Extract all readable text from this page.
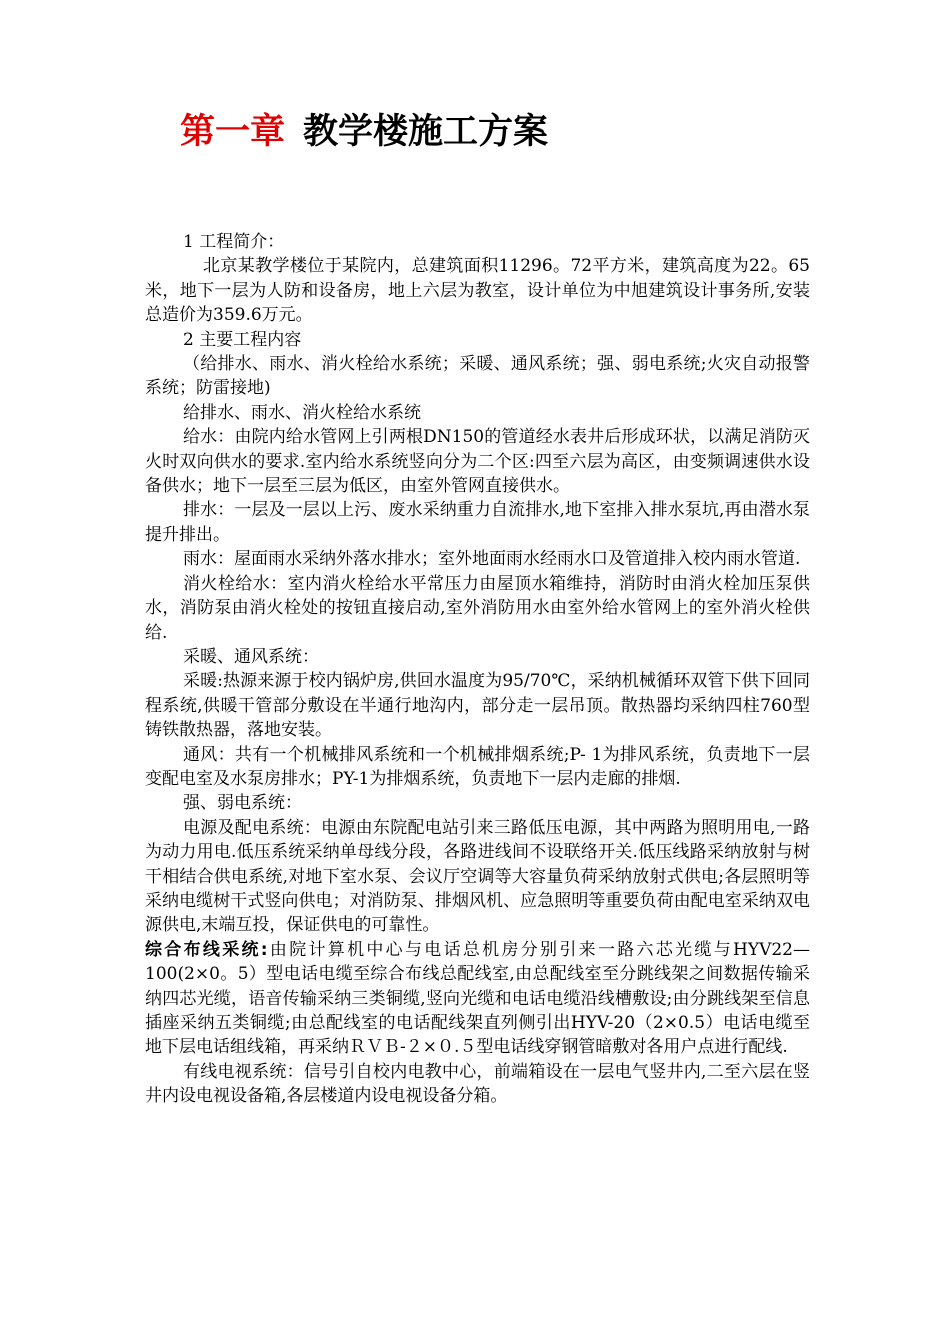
第一章 教学楼施工方案

1 工程简介：

北京某教学楼位于某院内，总建筑面积11296。72平方米，建筑高度为22。65米，地下一层为人防和设备房，地上六层为教室，设计单位为中旭建筑设计事务所,安装总造价为359.6万元。

2 主要工程内容

（给排水、雨水、消火栓给水系统；采暖、通风系统；强、弱电系统;火灾自动报警系统；防雷接地)

给排水、雨水、消火栓给水系统

给水：由院内给水管网上引两根DN150的管道经水表井后形成环状，以满足消防灭火时双向供水的要求.室内给水系统竖向分为二个区:四至六层为高区，由变频调速供水设备供水；地下一层至三层为低区，由室外管网直接供水。

排水：一层及一层以上污、废水采纳重力自流排水,地下室排入排水泵坑,再由潜水泵提升排出。

雨水：屋面雨水采纳外落水排水；室外地面雨水经雨水口及管道排入校内雨水管道.

消火栓给水：室内消火栓给水平常压力由屋顶水箱维持，消防时由消火栓加压泵供水，消防泵由消火栓处的按钮直接启动,室外消防用水由室外给水管网上的室外消火栓供给.

采暖、通风系统：

采暖:热源来源于校内锅炉房,供回水温度为95/70℃，采纳机械循环双管下供下回同程系统,供暖干管部分敷设在半通行地沟内，部分走一层吊顶。散热器均采纳四柱760型铸铁散热器，落地安装。

通风：共有一个机械排风系统和一个机械排烟系统;P- 1为排风系统，负责地下一层变配电室及水泵房排水；PY-1为排烟系统，负责地下一层内走廊的排烟.

强、弱电系统：

电源及配电系统：电源由东院配电站引来三路低压电源，其中两路为照明用电,一路为动力用电.低压系统采纳单母线分段，各路进线间不设联络开关.低压线路采纳放射与树干相结合供电系统,对地下室水泵、会议厅空调等大容量负荷采纳放射式供电;各层照明等采纳电缆树干式竖向供电；对消防泵、排烟风机、应急照明等重要负荷由配电室采纳双电源供电,末端互投，保证供电的可靠性。

综合布线采统:由院计算机中心与电话总机房分别引来一路六芯光缆与HYV22—100(2×0。5）型电话电缆至综合布线总配线室,由总配线室至分跳线架之间数据传输采纳四芯光缆，语音传输采纳三类铜缆,竖向光缆和电话电缆沿线槽敷设;由分跳线架至信息插座采纳五类铜缆;由总配线室的电话配线架直列侧引出HYV-20（2×0.5）电话电缆至地下层电话组线箱，再采纳ＲＶＢ-２×０.５型电话线穿钢管暗敷对各用户点进行配线.

有线电视系统：信号引自校内电教中心，前端箱设在一层电气竖井内,二至六层在竖井内设电视设备箱,各层楼道内设电视设备分箱。
